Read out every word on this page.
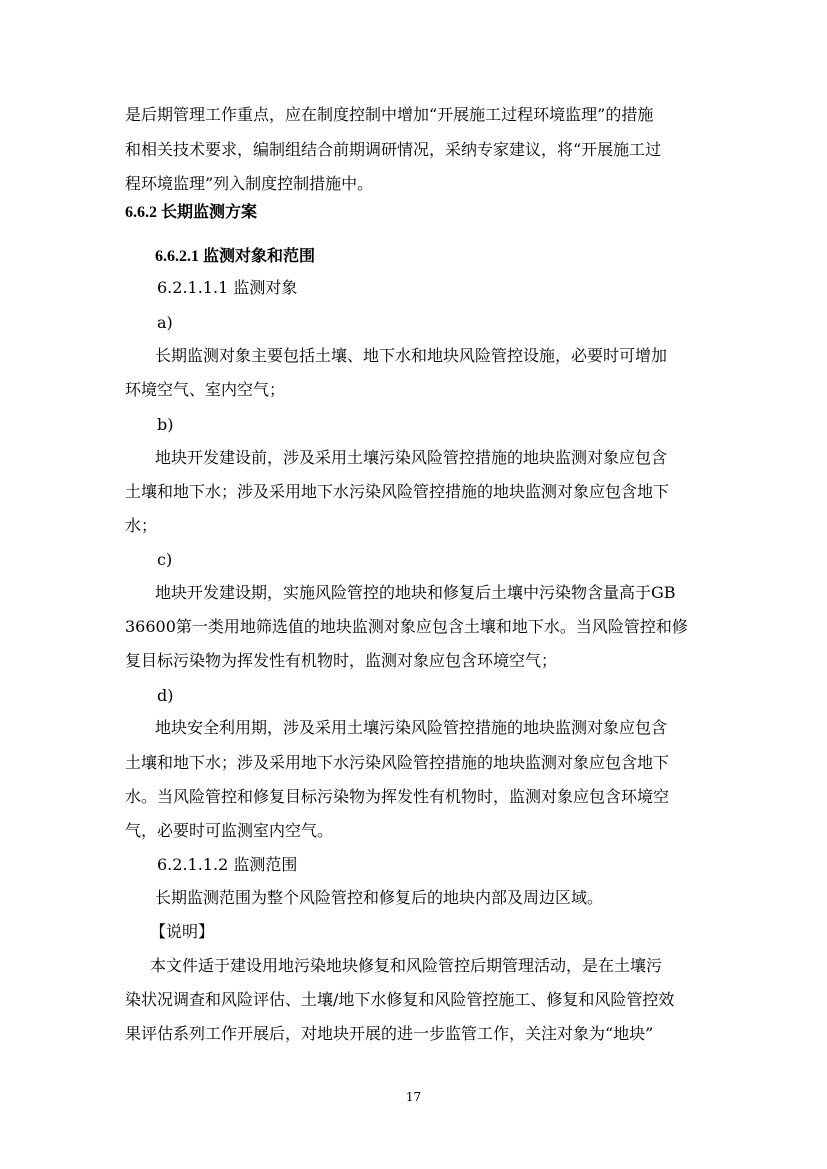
是后期管理工作重点，应在制度控制中增加“开展施工过程环境监理”的措施
和相关技术要求，编制组结合前期调研情况，采纳专家建议，将“开展施工过
程环境监理”列入制度控制措施中。
6.6.2 长期监测方案
6.6.2.1 监测对象和范围
6.2.1.1.1 监测对象
a)
长期监测对象主要包括土壤、地下水和地块风险管控设施，必要时可增加
环境空气、室内空气；
b)
地块开发建设前，涉及采用土壤污染风险管控措施的地块监测对象应包含
土壤和地下水；涉及采用地下水污染风险管控措施的地块监测对象应包含地下
水；
c)
地块开发建设期，实施风险管控的地块和修复后土壤中污染物含量高于GB
36600第一类用地筛选值的地块监测对象应包含土壤和地下水。当风险管控和修
复目标污染物为挥发性有机物时，监测对象应包含环境空气；
d)
地块安全利用期，涉及采用土壤污染风险管控措施的地块监测对象应包含
土壤和地下水；涉及采用地下水污染风险管控措施的地块监测对象应包含地下
水。当风险管控和修复目标污染物为挥发性有机物时，监测对象应包含环境空
气，必要时可监测室内空气。
6.2.1.1.2 监测范围
长期监测范围为整个风险管控和修复后的地块内部及周边区域。
【说明】
本文件适于建设用地污染地块修复和风险管控后期管理活动，是在土壤污
染状况调查和风险评估、土壤/地下水修复和风险管控施工、修复和风险管控效
果评估系列工作开展后，对地块开展的进一步监管工作，关注对象为“地块”
17
